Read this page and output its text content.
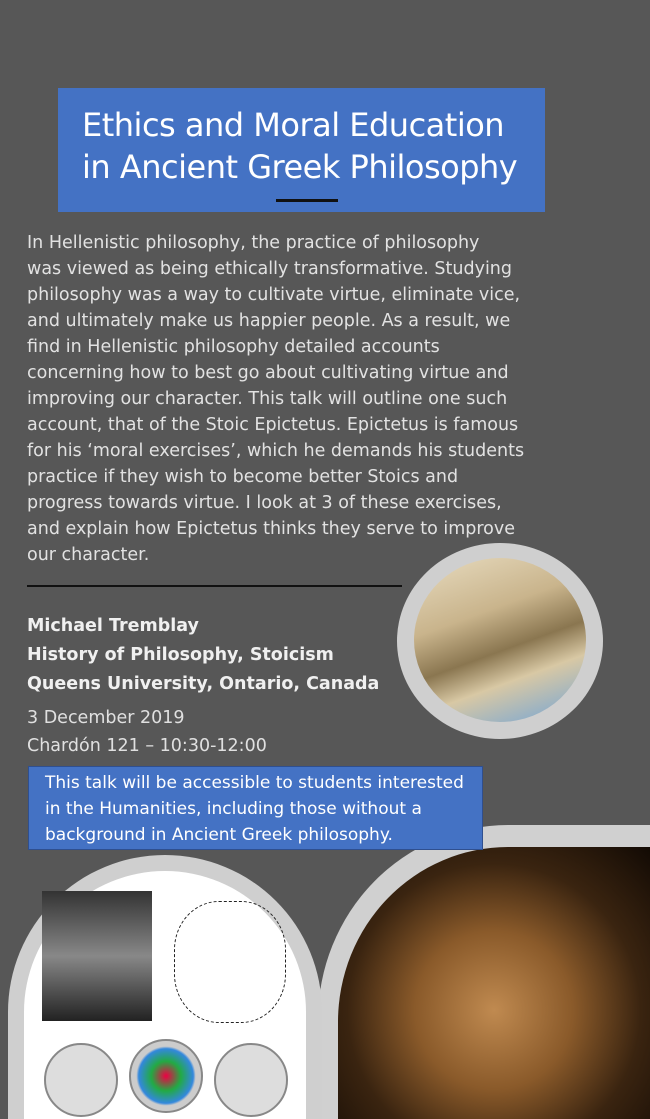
Ethics and Moral Education
in Ancient Greek Philosophy
In Hellenistic philosophy, the practice of philosophy
was viewed as being ethically transformative. Studying
philosophy was a way to cultivate virtue, eliminate vice,
and ultimately make us happier people. As a result, we
find in Hellenistic philosophy detailed accounts
concerning how to best go about cultivating virtue and
improving our character. This talk will outline one such
account, that of the Stoic Epictetus. Epictetus is famous
for his ‘moral exercises’, which he demands his students
practice if they wish to become better Stoics and
progress towards virtue. I look at 3 of these exercises,
and explain how Epictetus thinks they serve to improve
our character.
Michael Tremblay
History of Philosophy, Stoicism
Queens University, Ontario, Canada
3 December 2019
Chardón 121 – 10:30-12:00
This talk will be accessible to students interested
in the Humanities, including those without a
background in Ancient Greek philosophy.
